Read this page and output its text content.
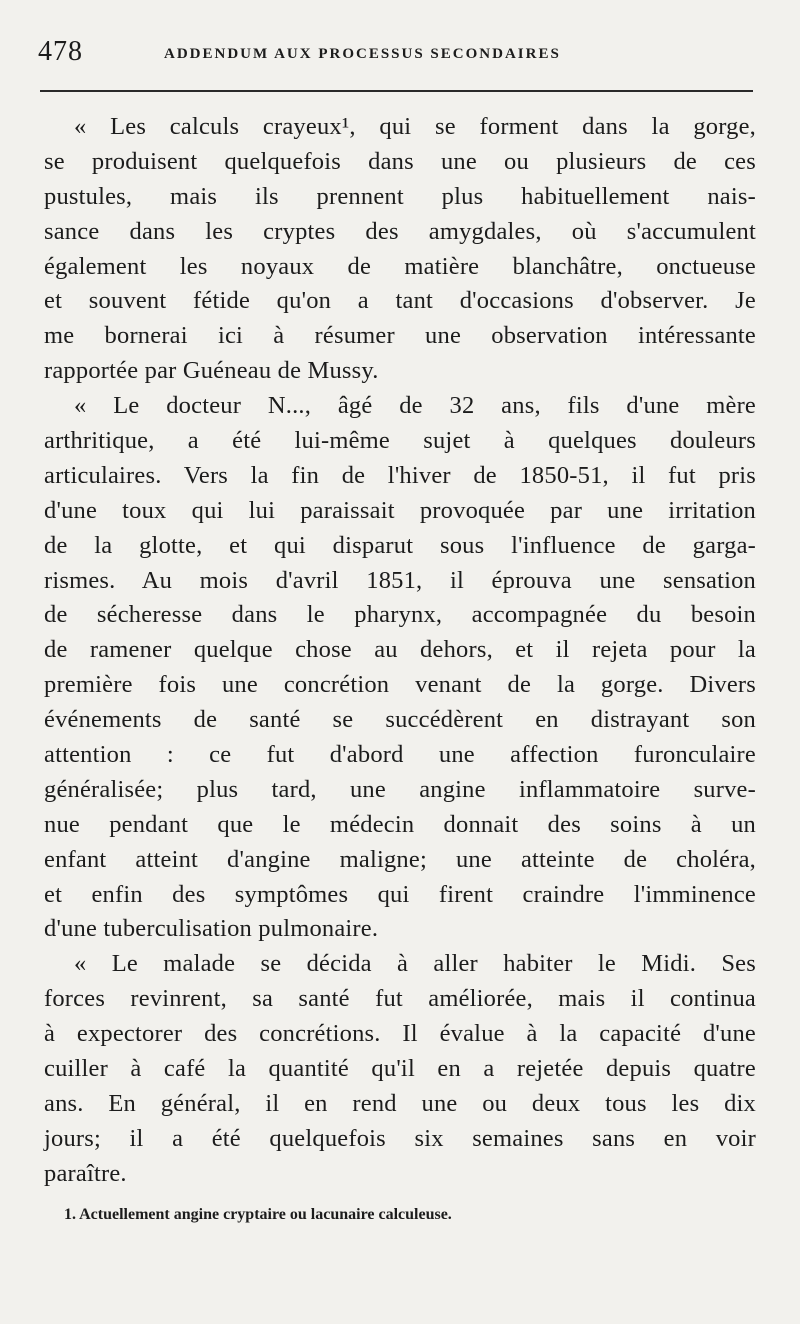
478	ADDENDUM AUX PROCESSUS SECONDAIRES
« Les calculs crayeux¹, qui se forment dans la gorge,
se produisent quelquefois dans une ou plusieurs de ces
pustules, mais ils prennent plus habituellement nais-
sance dans les cryptes des amygdales, où s'accumulent
également les noyaux de matière blanchâtre, onctueuse
et souvent fétide qu'on a tant d'occasions d'observer. Je
me bornerai ici à résumer une observation intéressante
rapportée par Guéneau de Mussy.
« Le docteur N..., âgé de 32 ans, fils d'une mère
arthritique, a été lui-même sujet à quelques douleurs
articulaires. Vers la fin de l'hiver de 1850-51, il fut pris
d'une toux qui lui paraissait provoquée par une irritation
de la glotte, et qui disparut sous l'influence de garga-
rismes. Au mois d'avril 1851, il éprouva une sensation
de sécheresse dans le pharynx, accompagnée du besoin
de ramener quelque chose au dehors, et il rejeta pour la
première fois une concrétion venant de la gorge. Divers
événements de santé se succédèrent en distrayant son
attention : ce fut d'abord une affection furonculaire
généralisée; plus tard, une angine inflammatoire surve-
nue pendant que le médecin donnait des soins à un
enfant atteint d'angine maligne; une atteinte de choléra,
et enfin des symptômes qui firent craindre l'imminence
d'une tuberculisation pulmonaire.
« Le malade se décida à aller habiter le Midi. Ses
forces revinrent, sa santé fut améliorée, mais il continua
à expectorer des concrétions. Il évalue à la capacité d'une
cuiller à café la quantité qu'il en a rejetée depuis quatre
ans. En général, il en rend une ou deux tous les dix
jours; il a été quelquefois six semaines sans en voir
paraître.
1. Actuellement angine cryptaire ou lacunaire calculeuse.
